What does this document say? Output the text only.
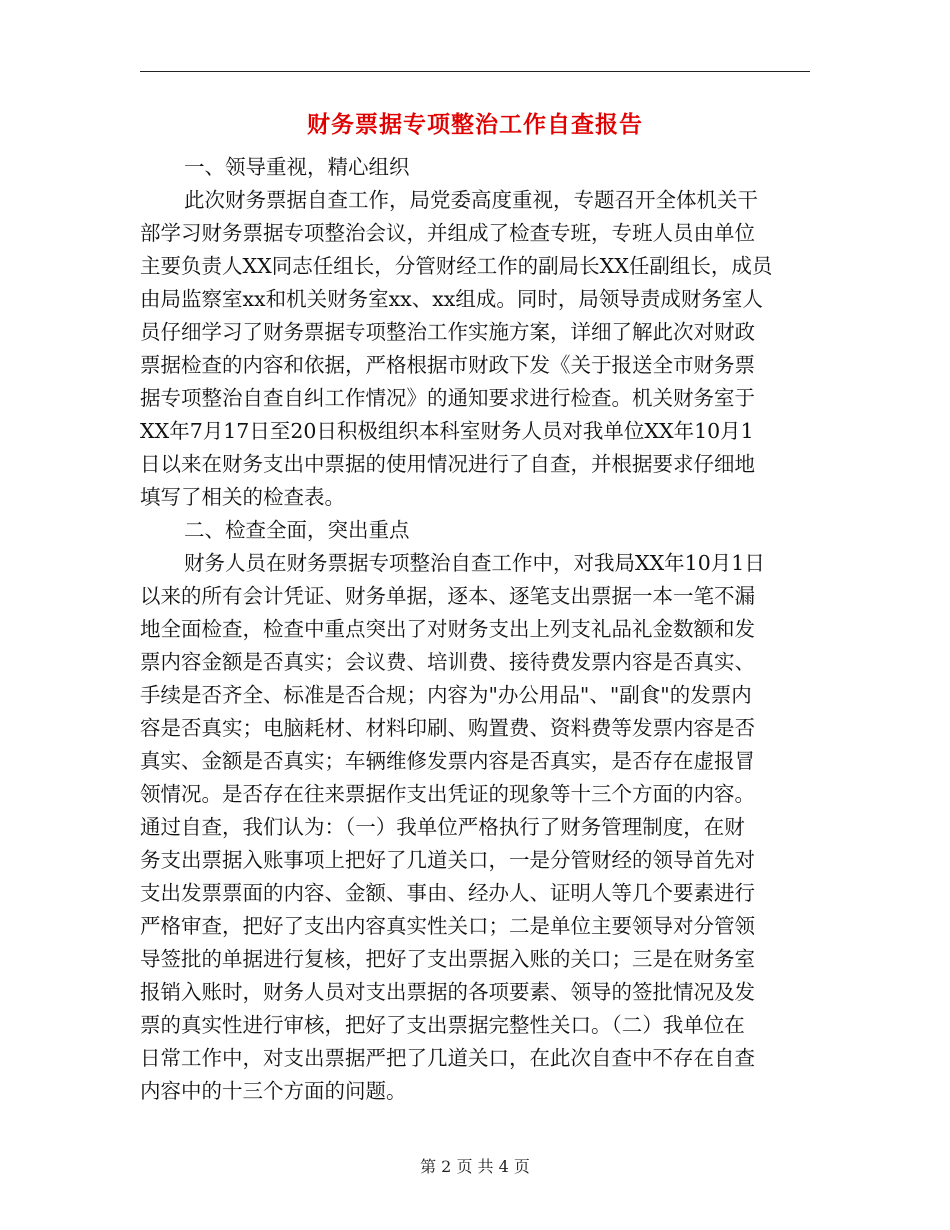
财务票据专项整治工作自查报告
一、领导重视，精心组织

此次财务票据自查工作，局党委高度重视，专题召开全体机关干

部学习财务票据专项整治会议，并组成了检查专班，专班人员由单位

主要负责人XX同志任组长，分管财经工作的副局长XX任副组长，成员

由局监察室xx和机关财务室xx、xx组成。同时，局领导责成财务室人

员仔细学习了财务票据专项整治工作实施方案，详细了解此次对财政

票据检查的内容和依据，严格根据市财政下发《关于报送全市财务票

据专项整治自查自纠工作情况》的通知要求进行检查。机关财务室于

XX年7月17日至20日积极组织本科室财务人员对我单位XX年10月1

日以来在财务支出中票据的使用情况进行了自查，并根据要求仔细地

填写了相关的检查表。

二、检查全面，突出重点

财务人员在财务票据专项整治自查工作中，对我局XX年10月1日

以来的所有会计凭证、财务单据，逐本、逐笔支出票据一本一笔不漏

地全面检查，检查中重点突出了对财务支出上列支礼品礼金数额和发

票内容金额是否真实；会议费、培训费、接待费发票内容是否真实、

手续是否齐全、标准是否合规；内容为"办公用品"、"副食"的发票内

容是否真实；电脑耗材、材料印刷、购置费、资料费等发票内容是否

真实、金额是否真实；车辆维修发票内容是否真实，是否存在虚报冒

领情况。是否存在往来票据作支出凭证的现象等十三个方面的内容。

通过自查，我们认为：（一）我单位严格执行了财务管理制度，在财

务支出票据入账事项上把好了几道关口，一是分管财经的领导首先对

支出发票票面的内容、金额、事由、经办人、证明人等几个要素进行

严格审查，把好了支出内容真实性关口；二是单位主要领导对分管领

导签批的单据进行复核，把好了支出票据入账的关口；三是在财务室

报销入账时，财务人员对支出票据的各项要素、领导的签批情况及发

票的真实性进行审核，把好了支出票据完整性关口。（二）我单位在

日常工作中，对支出票据严把了几道关口，在此次自查中不存在自查

内容中的十三个方面的问题。

第 2 页 共 4 页
